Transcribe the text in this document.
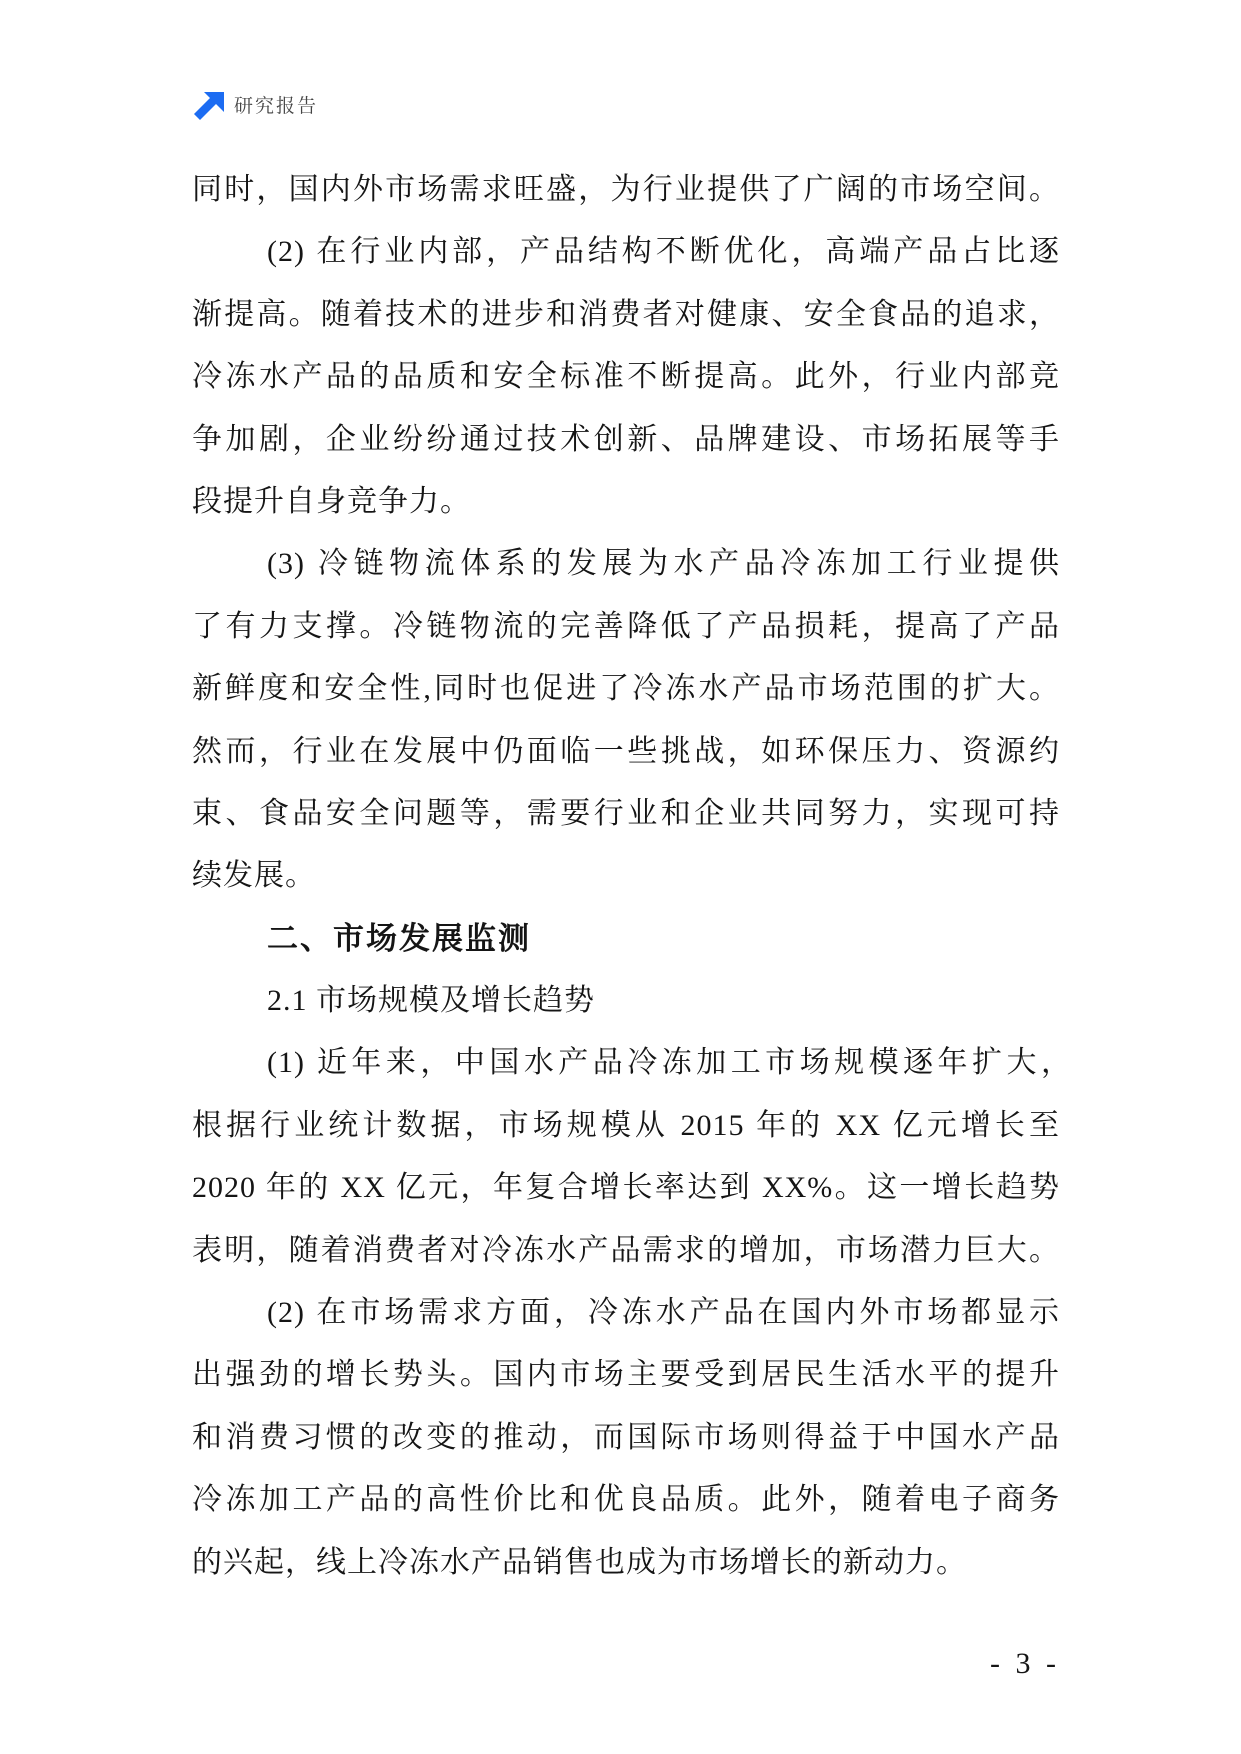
研究报告
同时，国内外市场需求旺盛，为行业提供了广阔的市场空间。
(2) 在行业内部，产品结构不断优化，高端产品占比逐
渐提高。随着技术的进步和消费者对健康、安全食品的追求，
冷冻水产品的品质和安全标准不断提高。此外，行业内部竞
争加剧，企业纷纷通过技术创新、品牌建设、市场拓展等手
段提升自身竞争力。
(3) 冷链物流体系的发展为水产品冷冻加工行业提供
了有力支撑。冷链物流的完善降低了产品损耗，提高了产品
新鲜度和安全性,同时也促进了冷冻水产品市场范围的扩大。
然而，行业在发展中仍面临一些挑战，如环保压力、资源约
束、食品安全问题等，需要行业和企业共同努力，实现可持
续发展。
二、市场发展监测
2.1 市场规模及增长趋势
(1) 近年来，中国水产品冷冻加工市场规模逐年扩大，
根据行业统计数据，市场规模从 2015 年的 XX 亿元增长至
2020 年的 XX 亿元，年复合增长率达到 XX%。这一增长趋势
表明，随着消费者对冷冻水产品需求的增加，市场潜力巨大。
(2) 在市场需求方面，冷冻水产品在国内外市场都显示
出强劲的增长势头。国内市场主要受到居民生活水平的提升
和消费习惯的改变的推动，而国际市场则得益于中国水产品
冷冻加工产品的高性价比和优良品质。此外，随着电子商务
的兴起，线上冷冻水产品销售也成为市场增长的新动力。
- 3 -
